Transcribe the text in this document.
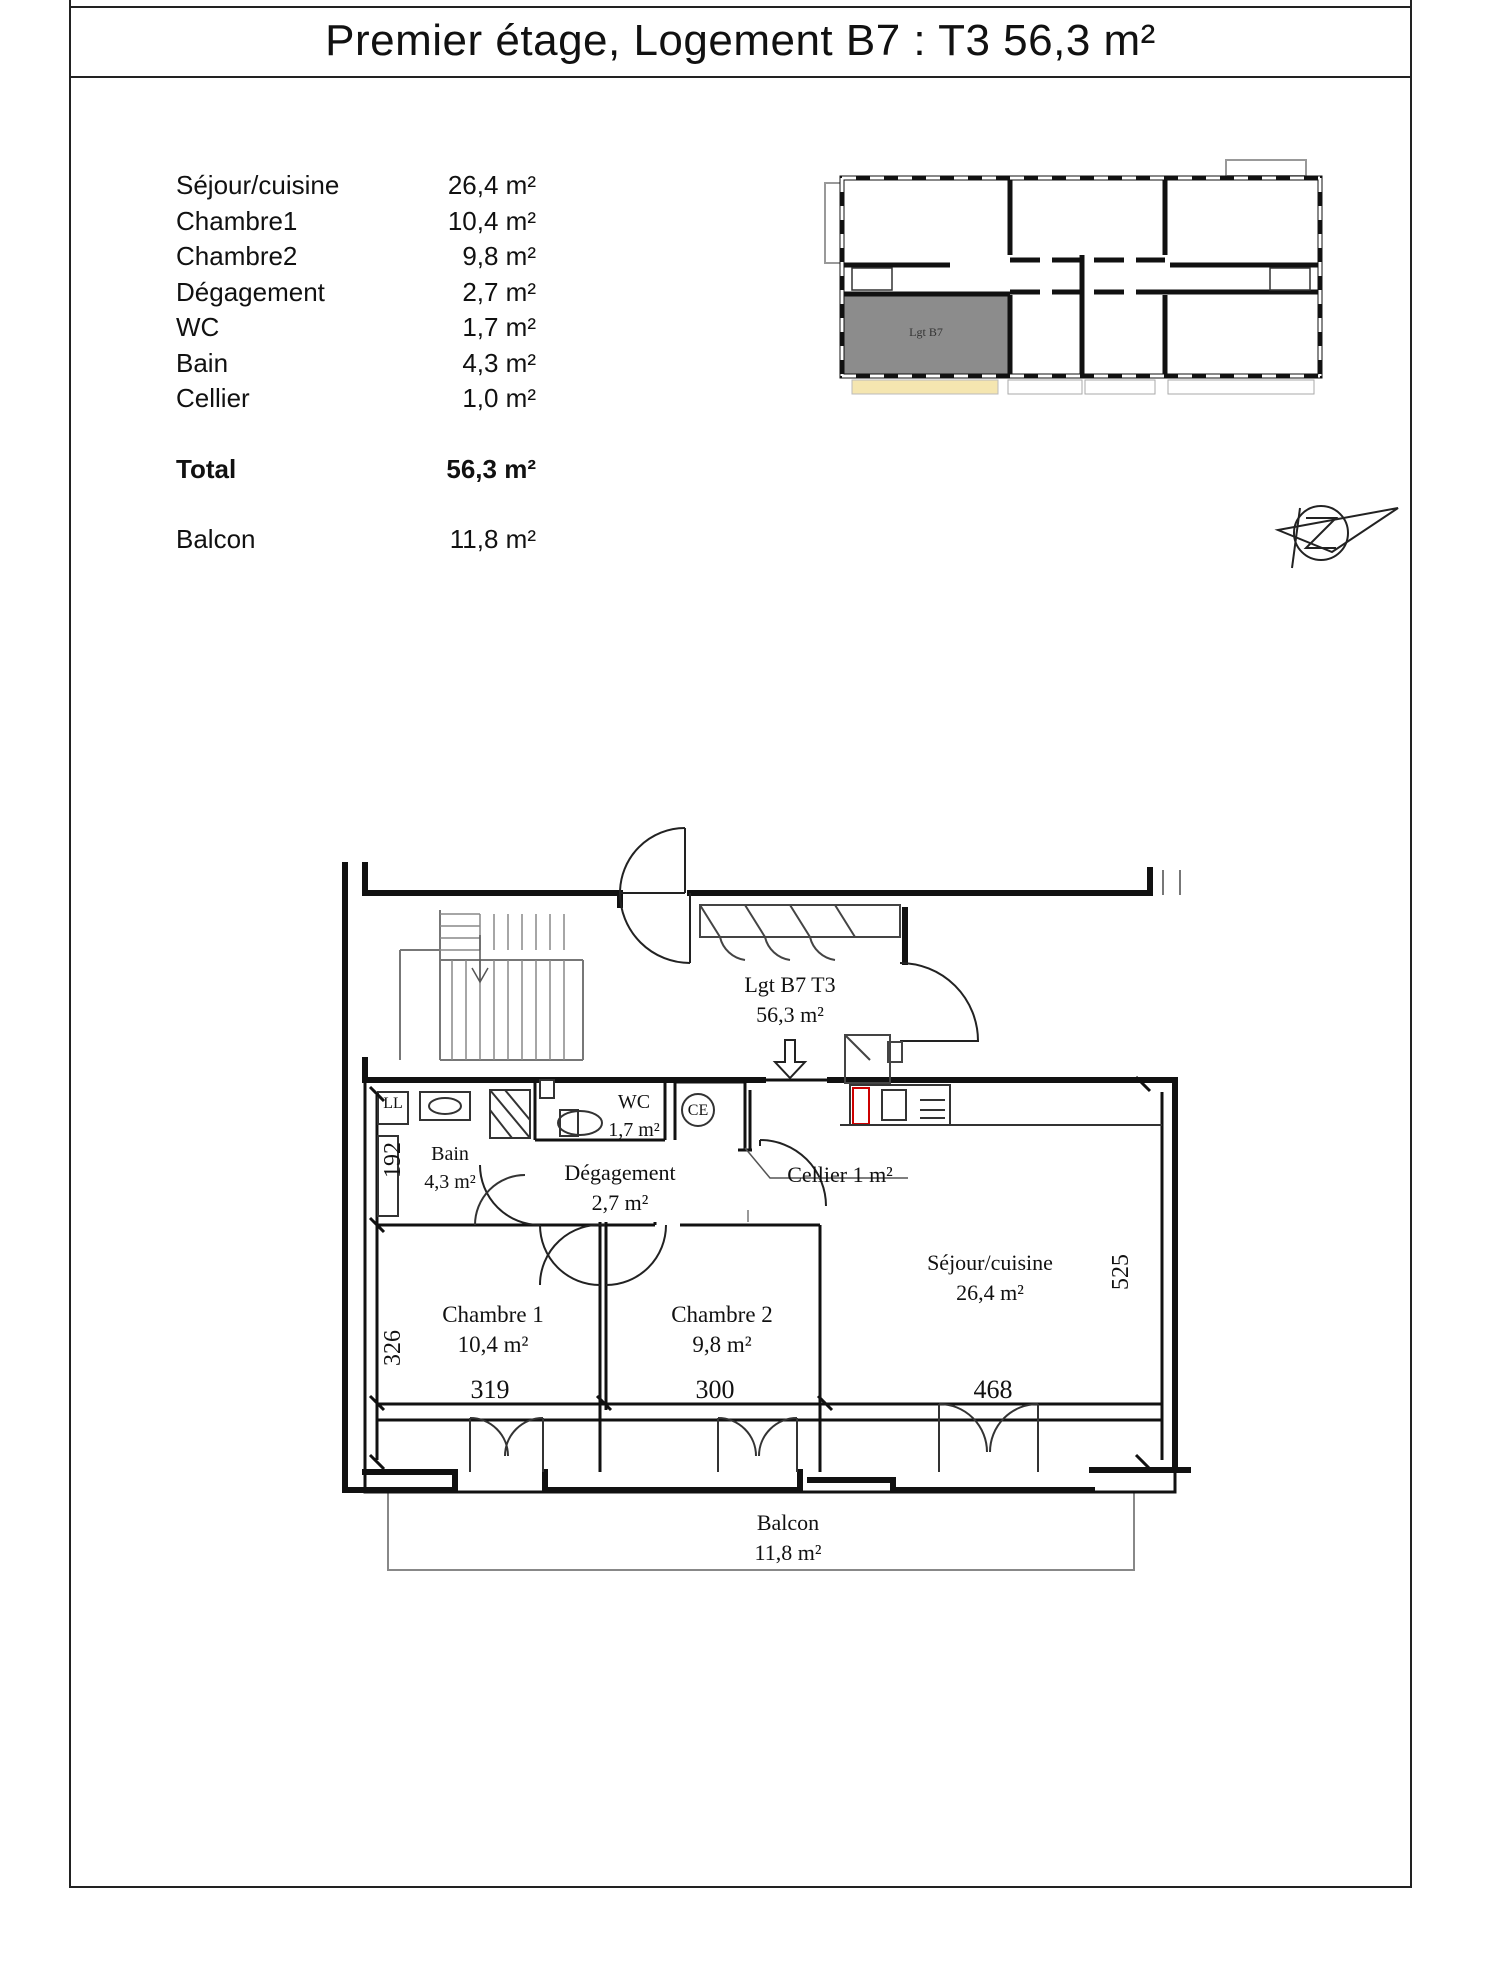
Premier étage, Logement B7 : T3 56,3 m²
Séjour/cuisine	26,4 m²
Chambre1	10,4 m²
Chambre2	9,8 m²
Dégagement	2,7 m²
WC	1,7 m²
Bain	4,3 m²
Cellier	1,0 m²
Total	56,3 m²
Balcon	11,8 m²
Lgt B7
Lgt B7 T3
56,3 m²
LL	CE
WC
1,7 m²
Bain
4,3 m²	Dégagement
2,7 m²
Cellier 1 m²
Séjour/cuisine
26,4 m²
Chambre 1
10,4 m²
Chambre 2
9,8 m²
Balcon
11,8 m²
319	300	468
192
326
525
